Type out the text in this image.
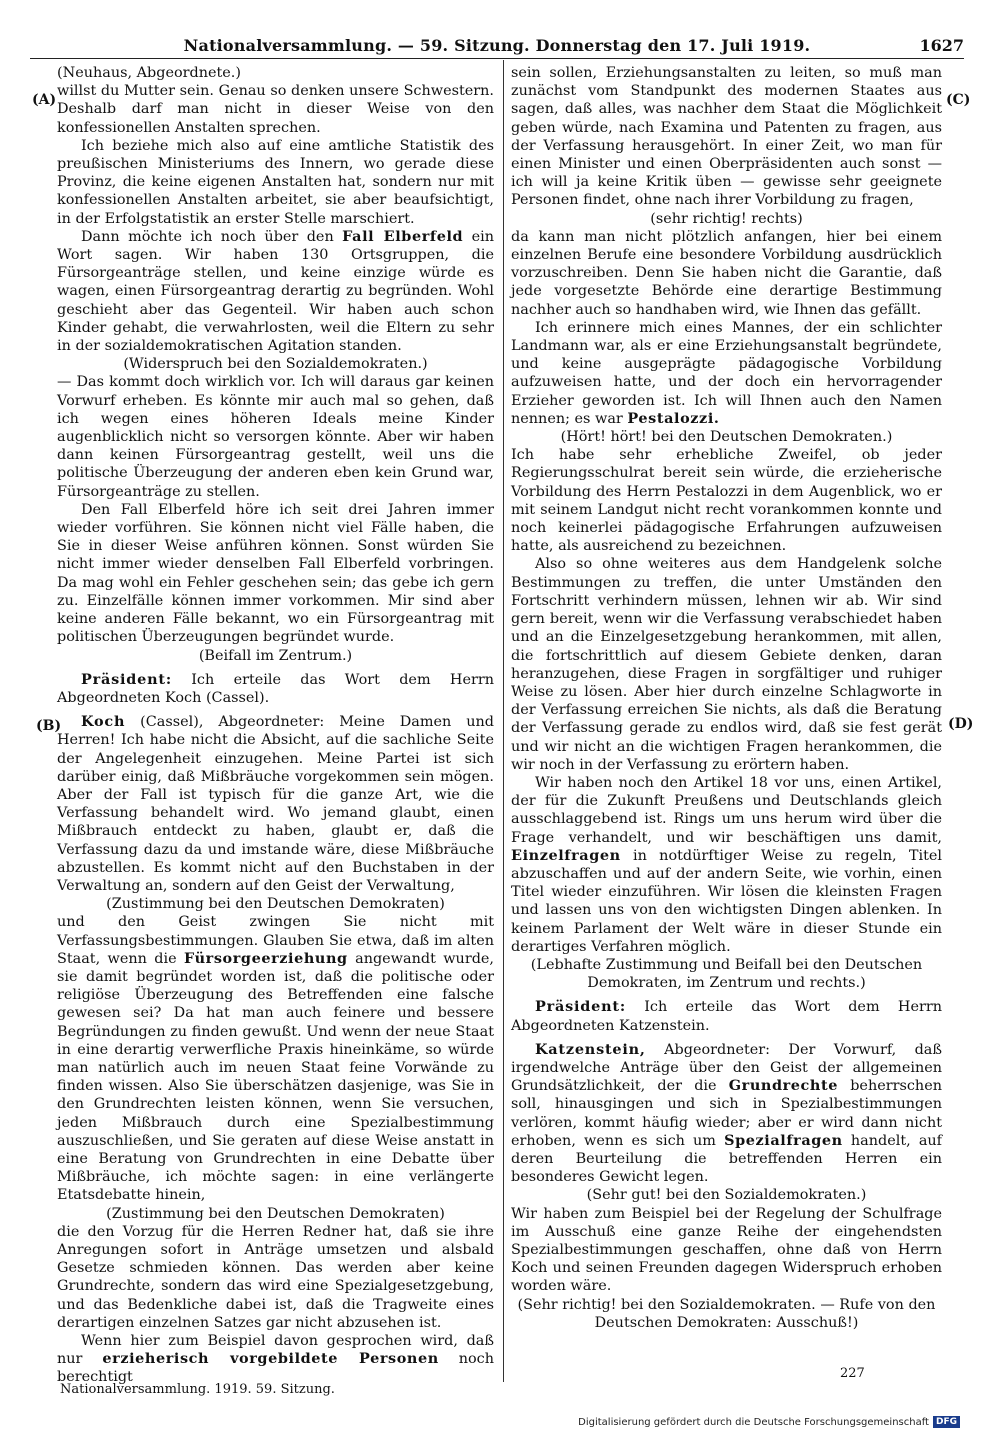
Nationalversammlung. — 59. Sitzung. Donnerstag den 17. Juli 1919.	1627
(A)
(B)
(C)
(D)

(Neuhaus, Abgeordnete.)

willst du Mutter sein. Genau so denken unsere Schwestern. Deshalb darf man nicht in dieser Weise von den konfessionellen Anstalten sprechen.

Ich beziehe mich also auf eine amtliche Statistik des preußischen Ministeriums des Innern, wo gerade diese Provinz, die keine eigenen Anstalten hat, sondern nur mit konfessionellen Anstalten arbeitet, sie aber beaufsichtigt, in der Erfolgstatistik an erster Stelle marschiert.

Dann möchte ich noch über den Fall Elberfeld ein Wort sagen. Wir haben 130 Ortsgruppen, die Fürsorgeanträge stellen, und keine einzige würde es wagen, einen Fürsorgeantrag derartig zu begründen. Wohl geschieht aber das Gegenteil. Wir haben auch schon Kinder gehabt, die verwahrlosten, weil die Eltern zu sehr in der sozialdemokratischen Agitation standen.

(Widerspruch bei den Sozialdemokraten.)

— Das kommt doch wirklich vor. Ich will daraus gar keinen Vorwurf erheben. Es könnte mir auch mal so gehen, daß ich wegen eines höheren Ideals meine Kinder augenblicklich nicht so versorgen könnte. Aber wir haben dann keinen Fürsorgeantrag gestellt, weil uns die politische Überzeugung der anderen eben kein Grund war, Fürsorgeanträge zu stellen.

Den Fall Elberfeld höre ich seit drei Jahren immer wieder vorführen. Sie können nicht viel Fälle haben, die Sie in dieser Weise anführen können. Sonst würden Sie nicht immer wieder denselben Fall Elberfeld vorbringen. Da mag wohl ein Fehler geschehen sein; das gebe ich gern zu. Einzelfälle können immer vorkommen. Mir sind aber keine anderen Fälle bekannt, wo ein Fürsorgeantrag mit politischen Überzeugungen begründet wurde.

(Beifall im Zentrum.)

Präsident: Ich erteile das Wort dem Herrn Abgeordneten Koch (Cassel).

Koch (Cassel), Abgeordneter: Meine Damen und Herren! Ich habe nicht die Absicht, auf die sachliche Seite der Angelegenheit einzugehen. Meine Partei ist sich darüber einig, daß Mißbräuche vorgekommen sein mögen. Aber der Fall ist typisch für die ganze Art, wie die Verfassung behandelt wird. Wo jemand glaubt, einen Mißbrauch entdeckt zu haben, glaubt er, daß die Verfassung dazu da und imstande wäre, diese Mißbräuche abzustellen. Es kommt nicht auf den Buchstaben in der Verwaltung an, sondern auf den Geist der Verwaltung,

(Zustimmung bei den Deutschen Demokraten)

und den Geist zwingen Sie nicht mit Verfassungsbestimmungen. Glauben Sie etwa, daß im alten Staat, wenn die Fürsorgeerziehung angewandt wurde, sie damit begründet worden ist, daß die politische oder religiöse Überzeugung des Betreffenden eine falsche gewesen sei? Da hat man auch feinere und bessere Begründungen zu finden gewußt. Und wenn der neue Staat in eine derartig verwerfliche Praxis hineinkäme, so würde man natürlich auch im neuen Staat feine Vorwände zu finden wissen. Also Sie überschätzen dasjenige, was Sie in den Grundrechten leisten können, wenn Sie versuchen, jeden Mißbrauch durch eine Spezialbestimmung auszuschließen, und Sie geraten auf diese Weise anstatt in eine Beratung von Grundrechten in eine Debatte über Mißbräuche, ich möchte sagen: in eine verlängerte Etatsdebatte hinein,

(Zustimmung bei den Deutschen Demokraten)

die den Vorzug für die Herren Redner hat, daß sie ihre Anregungen sofort in Anträge umsetzen und alsbald Gesetze schmieden können. Das werden aber keine Grundrechte, sondern das wird eine Spezialgesetzgebung, und das Bedenkliche dabei ist, daß die Tragweite eines derartigen einzelnen Satzes gar nicht abzusehen ist.

Wenn hier zum Beispiel davon gesprochen wird, daß nur erzieherisch vorgebildete Personen noch berechtigt

sein sollen, Erziehungsanstalten zu leiten, so muß man zunächst vom Standpunkt des modernen Staates aus sagen, daß alles, was nachher dem Staat die Möglichkeit geben würde, nach Examina und Patenten zu fragen, aus der Verfassung herausgehört. In einer Zeit, wo man für einen Minister und einen Oberpräsidenten auch sonst — ich will ja keine Kritik üben — gewisse sehr geeignete Personen findet, ohne nach ihrer Vorbildung zu fragen,

(sehr richtig! rechts)

da kann man nicht plötzlich anfangen, hier bei einem einzelnen Berufe eine besondere Vorbildung ausdrücklich vorzuschreiben. Denn Sie haben nicht die Garantie, daß jede vorgesetzte Behörde eine derartige Bestimmung nachher auch so handhaben wird, wie Ihnen das gefällt.

Ich erinnere mich eines Mannes, der ein schlichter Landmann war, als er eine Erziehungsanstalt begründete, und keine ausgeprägte pädagogische Vorbildung aufzuweisen hatte, und der doch ein hervorragender Erzieher geworden ist. Ich will Ihnen auch den Namen nennen; es war Pestalozzi.

(Hört! hört! bei den Deutschen Demokraten.)

Ich habe sehr erhebliche Zweifel, ob jeder Regierungsschulrat bereit sein würde, die erzieherische Vorbildung des Herrn Pestalozzi in dem Augenblick, wo er mit seinem Landgut nicht recht vorankommen konnte und noch keinerlei pädagogische Erfahrungen aufzuweisen hatte, als ausreichend zu bezeichnen.

Also so ohne weiteres aus dem Handgelenk solche Bestimmungen zu treffen, die unter Umständen den Fortschritt verhindern müssen, lehnen wir ab. Wir sind gern bereit, wenn wir die Verfassung verabschiedet haben und an die Einzelgesetzgebung herankommen, mit allen, die fortschrittlich auf diesem Gebiete denken, daran heranzugehen, diese Fragen in sorgfältiger und ruhiger Weise zu lösen. Aber hier durch einzelne Schlagworte in der Verfassung erreichen Sie nichts, als daß die Beratung der Verfassung gerade zu endlos wird, daß sie fest gerät und wir nicht an die wichtigen Fragen herankommen, die wir noch in der Verfassung zu erörtern haben.

Wir haben noch den Artikel 18 vor uns, einen Artikel, der für die Zukunft Preußens und Deutschlands gleich ausschlaggebend ist. Rings um uns herum wird über die Frage verhandelt, und wir beschäftigen uns damit, Einzelfragen in notdürftiger Weise zu regeln, Titel abzuschaffen und auf der andern Seite, wie vorhin, einen Titel wieder einzuführen. Wir lösen die kleinsten Fragen und lassen uns von den wichtigsten Dingen ablenken. In keinem Parlament der Welt wäre in dieser Stunde ein derartiges Verfahren möglich.

(Lebhafte Zustimmung und Beifall bei den Deutschen Demokraten, im Zentrum und rechts.)

Präsident: Ich erteile das Wort dem Herrn Abgeordneten Katzenstein.

Katzenstein, Abgeordneter: Der Vorwurf, daß irgendwelche Anträge über den Geist der allgemeinen Grundsätzlichkeit, der die Grundrechte beherrschen soll, hinausgingen und sich in Spezialbestimmungen verlören, kommt häufig wieder; aber er wird dann nicht erhoben, wenn es sich um Spezialfragen handelt, auf deren Beurteilung die betreffenden Herren ein besonderes Gewicht legen.

(Sehr gut! bei den Sozialdemokraten.)

Wir haben zum Beispiel bei der Regelung der Schulfrage im Ausschuß eine ganze Reihe der eingehendsten Spezialbestimmungen geschaffen, ohne daß von Herrn Koch und seinen Freunden dagegen Widerspruch erhoben worden wäre.

(Sehr richtig! bei den Sozialdemokraten. — Rufe von den Deutschen Demokraten: Ausschuß!)

Nationalversammlung. 1919. 59. Sitzung.
227
Digitalisierung gefördert durch die Deutsche Forschungsgemeinschaft DFG
